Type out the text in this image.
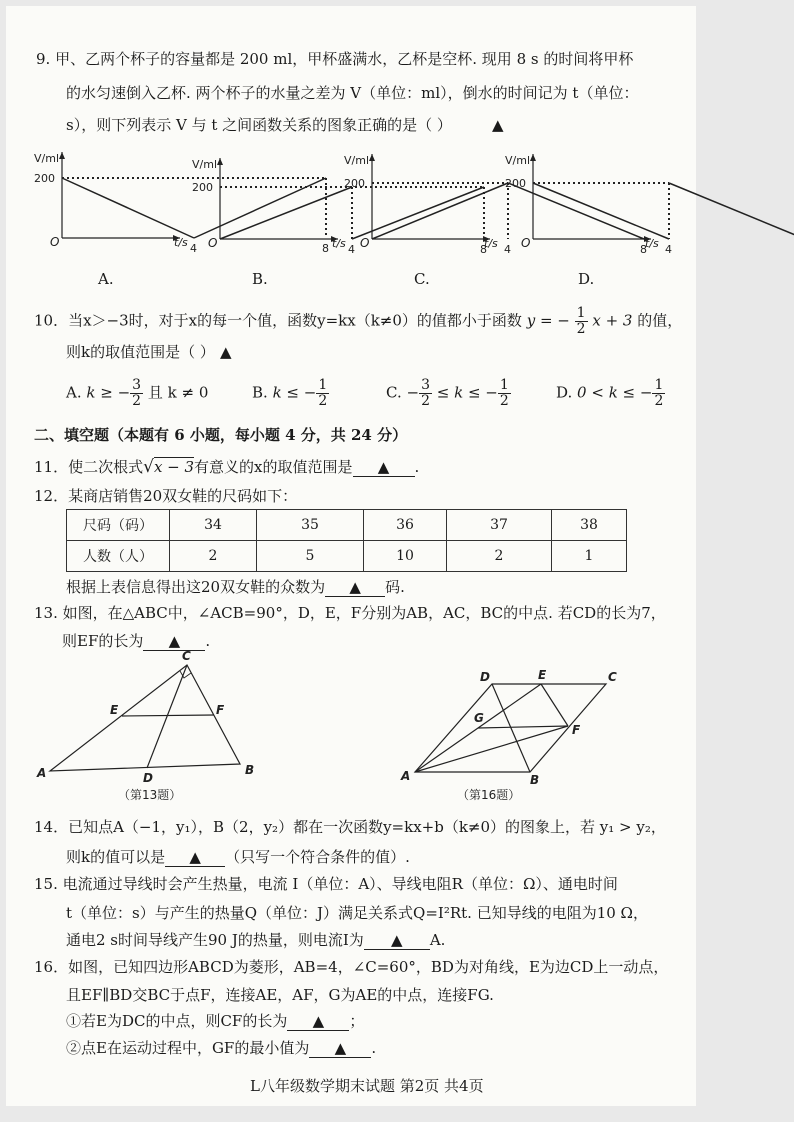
9. 甲、乙两个杯子的容量都是 200 ml，甲杯盛满水，乙杯是空杯. 现用 8 s 的时间将甲杯
的水匀速倒入乙杯. 两个杯子的水量之差为 V（单位：ml），倒水的时间记为 t（单位：
s），则下列表示 V 与 t 之间函数关系的图象正确的是（ ）	▲
V/ml
200
O	4	8
t/s
V/ml
200
O	4	8
t/s
V/ml
200
O	4	8
t/s
V/ml
200
O	4
t/s
A.	B.	C.	D.
10．当x＞−3时，对于x的每一个值，函数y=kx（k≠0）的值都小于函数 y = − $\frac{1}{2}$ x + 3 的值，
则k的取值范围是（ ） ▲
A. k ≥ − $\frac{3}{2}$ 且 k ≠ 0	B. k ≤ − $\frac{1}{2}$	C. − $\frac{3}{2} \le k$ ≤ − $\frac{1}{2}$	D. 0 < k ≤ − $\frac{1}{2}$
二、填空题（本题有 6 小题，每小题 4 分，共 24 分）
11．使二次根式√x − 3有意义的x的取值范围是 ▲ .
12．某商店销售20双女鞋的尺码如下：
尺码（码）	34	35	36	37	38
人数（人）	2	5	10	2	1
根据上表信息得出这20双女鞋的众数为 ▲ 码.
13. 如图，在△ABC中，∠ACB=90°，D，E，F分别为AB，AC，BC的中点. 若CD的长为7，
则EF的长为 ▲ .
A	B
C
D
E	F
（第13题）
A	B
C
D	E
F
G
（第16题）
14．已知点A（−1，y₁），B（2，y₂）都在一次函数y=kx+b（k≠0）的图象上，若 y₁ > y₂，
则k的值可以是 ▲ （只写一个符合条件的值）.
15. 电流通过导线时会产生热量，电流 I（单位：A）、导线电阻R（单位：Ω）、通电时间
t（单位：s）与产生的热量Q（单位：J）满足关系式Q=I²Rt. 已知导线的电阻为10 Ω，
通电2 s时间导线产生90 J的热量，则电流I为 ▲ A.
16．如图，已知四边形ABCD为菱形，AB=4，∠C=60°，BD为对角线，E为边CD上一动点，
且EF∥BD交BC于点F，连接AE，AF，G为AE的中点，连接FG.
①若E为DC的中点，则CF的长为 ▲ ；
②点E在运动过程中，GF的最小值为 ▲ .
L八年级数学期末试题 第2页 共4页
